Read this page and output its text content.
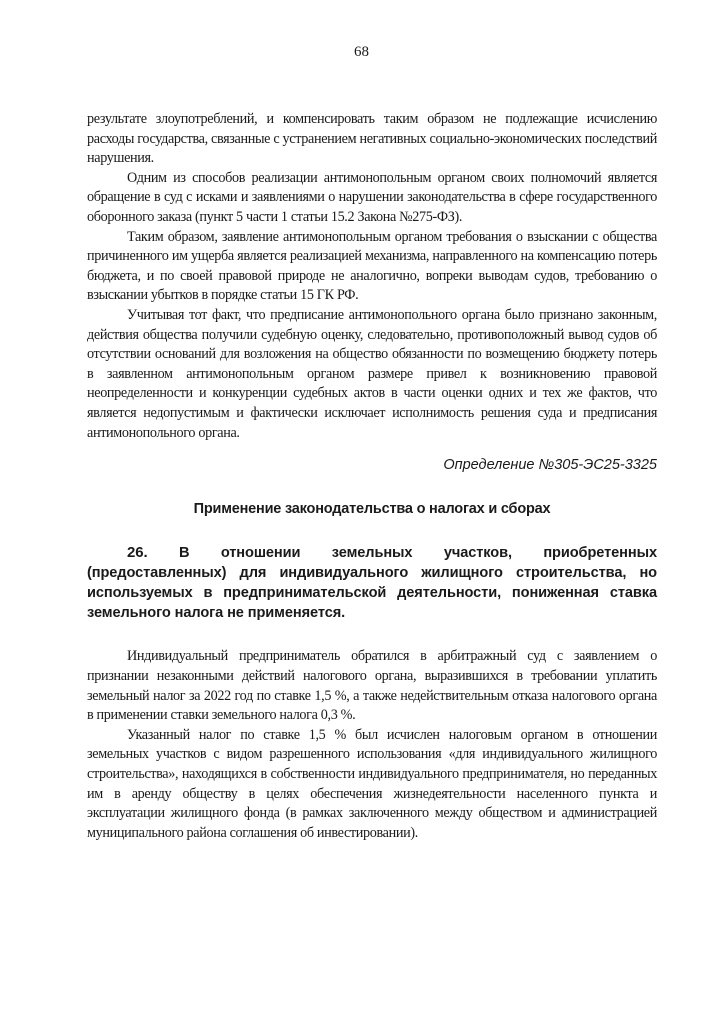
68

результате злоупотреблений, и компенсировать таким образом не подлежащие исчислению расходы государства, связанные с устранением негативных социально-экономических последствий нарушения.

Одним из способов реализации антимонопольным органом своих полномочий является обращение в суд с исками и заявлениями о нарушении законодательства в сфере государственного оборонного заказа (пункт 5 части 1 статьи 15.2 Закона №275-ФЗ).

Таким образом, заявление антимонопольным органом требования о взыскании с общества причиненного им ущерба является реализацией механизма, направленного на компенсацию потерь бюджета, и по своей правовой природе не аналогично, вопреки выводам судов, требованию о взыскании убытков в порядке статьи 15 ГК РФ.

Учитывая тот факт, что предписание антимонопольного органа было признано законным, действия общества получили судебную оценку, следовательно, противоположный вывод судов об отсутствии оснований для возложения на общество обязанности по возмещению бюджету потерь в заявленном антимонопольным органом размере привел к возникновению правовой неопределенности и конкуренции судебных актов в части оценки одних и тех же фактов, что является недопустимым и фактически исключает исполнимость решения суда и предписания антимонопольного органа.

Определение №305-ЭС25-3325
Применение законодательства о налогах и сборах
26. В отношении земельных участков, приобретенных (предоставленных) для индивидуального жилищного строительства, но используемых в предпринимательской деятельности, пониженная ставка земельного налога не применяется.

Индивидуальный предприниматель обратился в арбитражный суд с заявлением о признании незаконными действий налогового органа, выразившихся в требовании уплатить земельный налог за 2022 год по ставке 1,5 %, а также недействительным отказа налогового органа в применении ставки земельного налога 0,3 %.

Указанный налог по ставке 1,5 % был исчислен налоговым органом в отношении земельных участков с видом разрешенного использования «для индивидуального жилищного строительства», находящихся в собственности индивидуального предпринимателя, но переданных им в аренду обществу в целях обеспечения жизнедеятельности населенного пункта и эксплуатации жилищного фонда (в рамках заключенного между обществом и администрацией муниципального района соглашения об инвестировании).
